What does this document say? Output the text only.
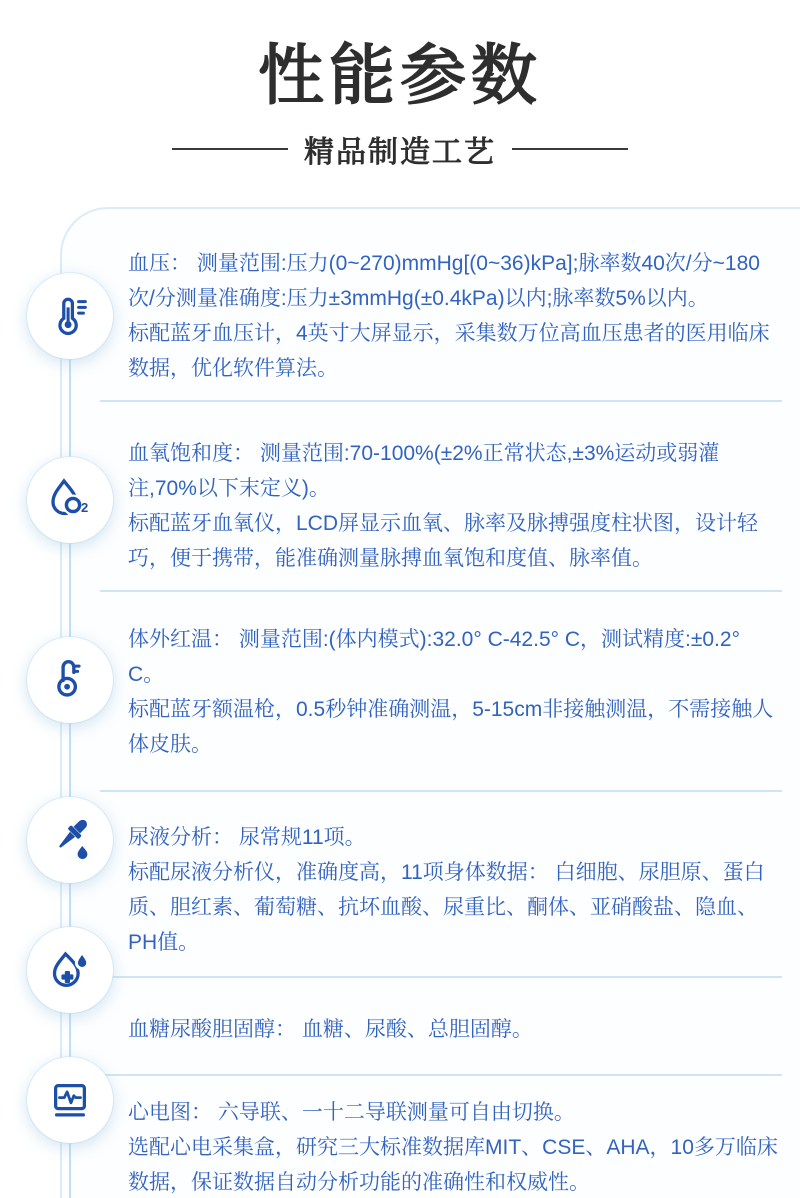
性能参数
精品制造工艺

血压： 测量范围:压力(0~270)mmHg[(0~36)kPa];脉率数40次/分~180次/分测量准确度:压力±3mmHg(±0.4kPa)以内;脉率数5%以内。

标配蓝牙血压计，4英寸大屏显示，采集数万位高血压患者的医用临床数据，优化软件算法。

血氧饱和度： 测量范围:70-100%(±2%正常状态,±3%运动或弱灌注,70%以下末定义)。

标配蓝牙血氧仪，LCD屏显示血氧、脉率及脉搏强度柱状图，设计轻巧，便于携带，能准确测量脉搏血氧饱和度值、脉率值。

体外红温： 测量范围:(体内模式):32.0° C-42.5° C，测试精度:±0.2° C。

标配蓝牙额温枪，0.5秒钟准确测温，5-15cm非接触测温，不需接触人体皮肤。

尿液分析： 尿常规11项。

标配尿液分析仪，准确度高，11项身体数据： 白细胞、尿胆原、蛋白质、胆红素、葡萄糖、抗坏血酸、尿重比、酮体、亚硝酸盐、隐血、PH值。

血糖尿酸胆固醇： 血糖、尿酸、总胆固醇。

心电图： 六导联、一十二导联测量可自由切换。

选配心电采集盒，研究三大标准数据库MIT、CSE、AHA，10多万临床数据，保证数据自动分析功能的准确性和权威性。

2
